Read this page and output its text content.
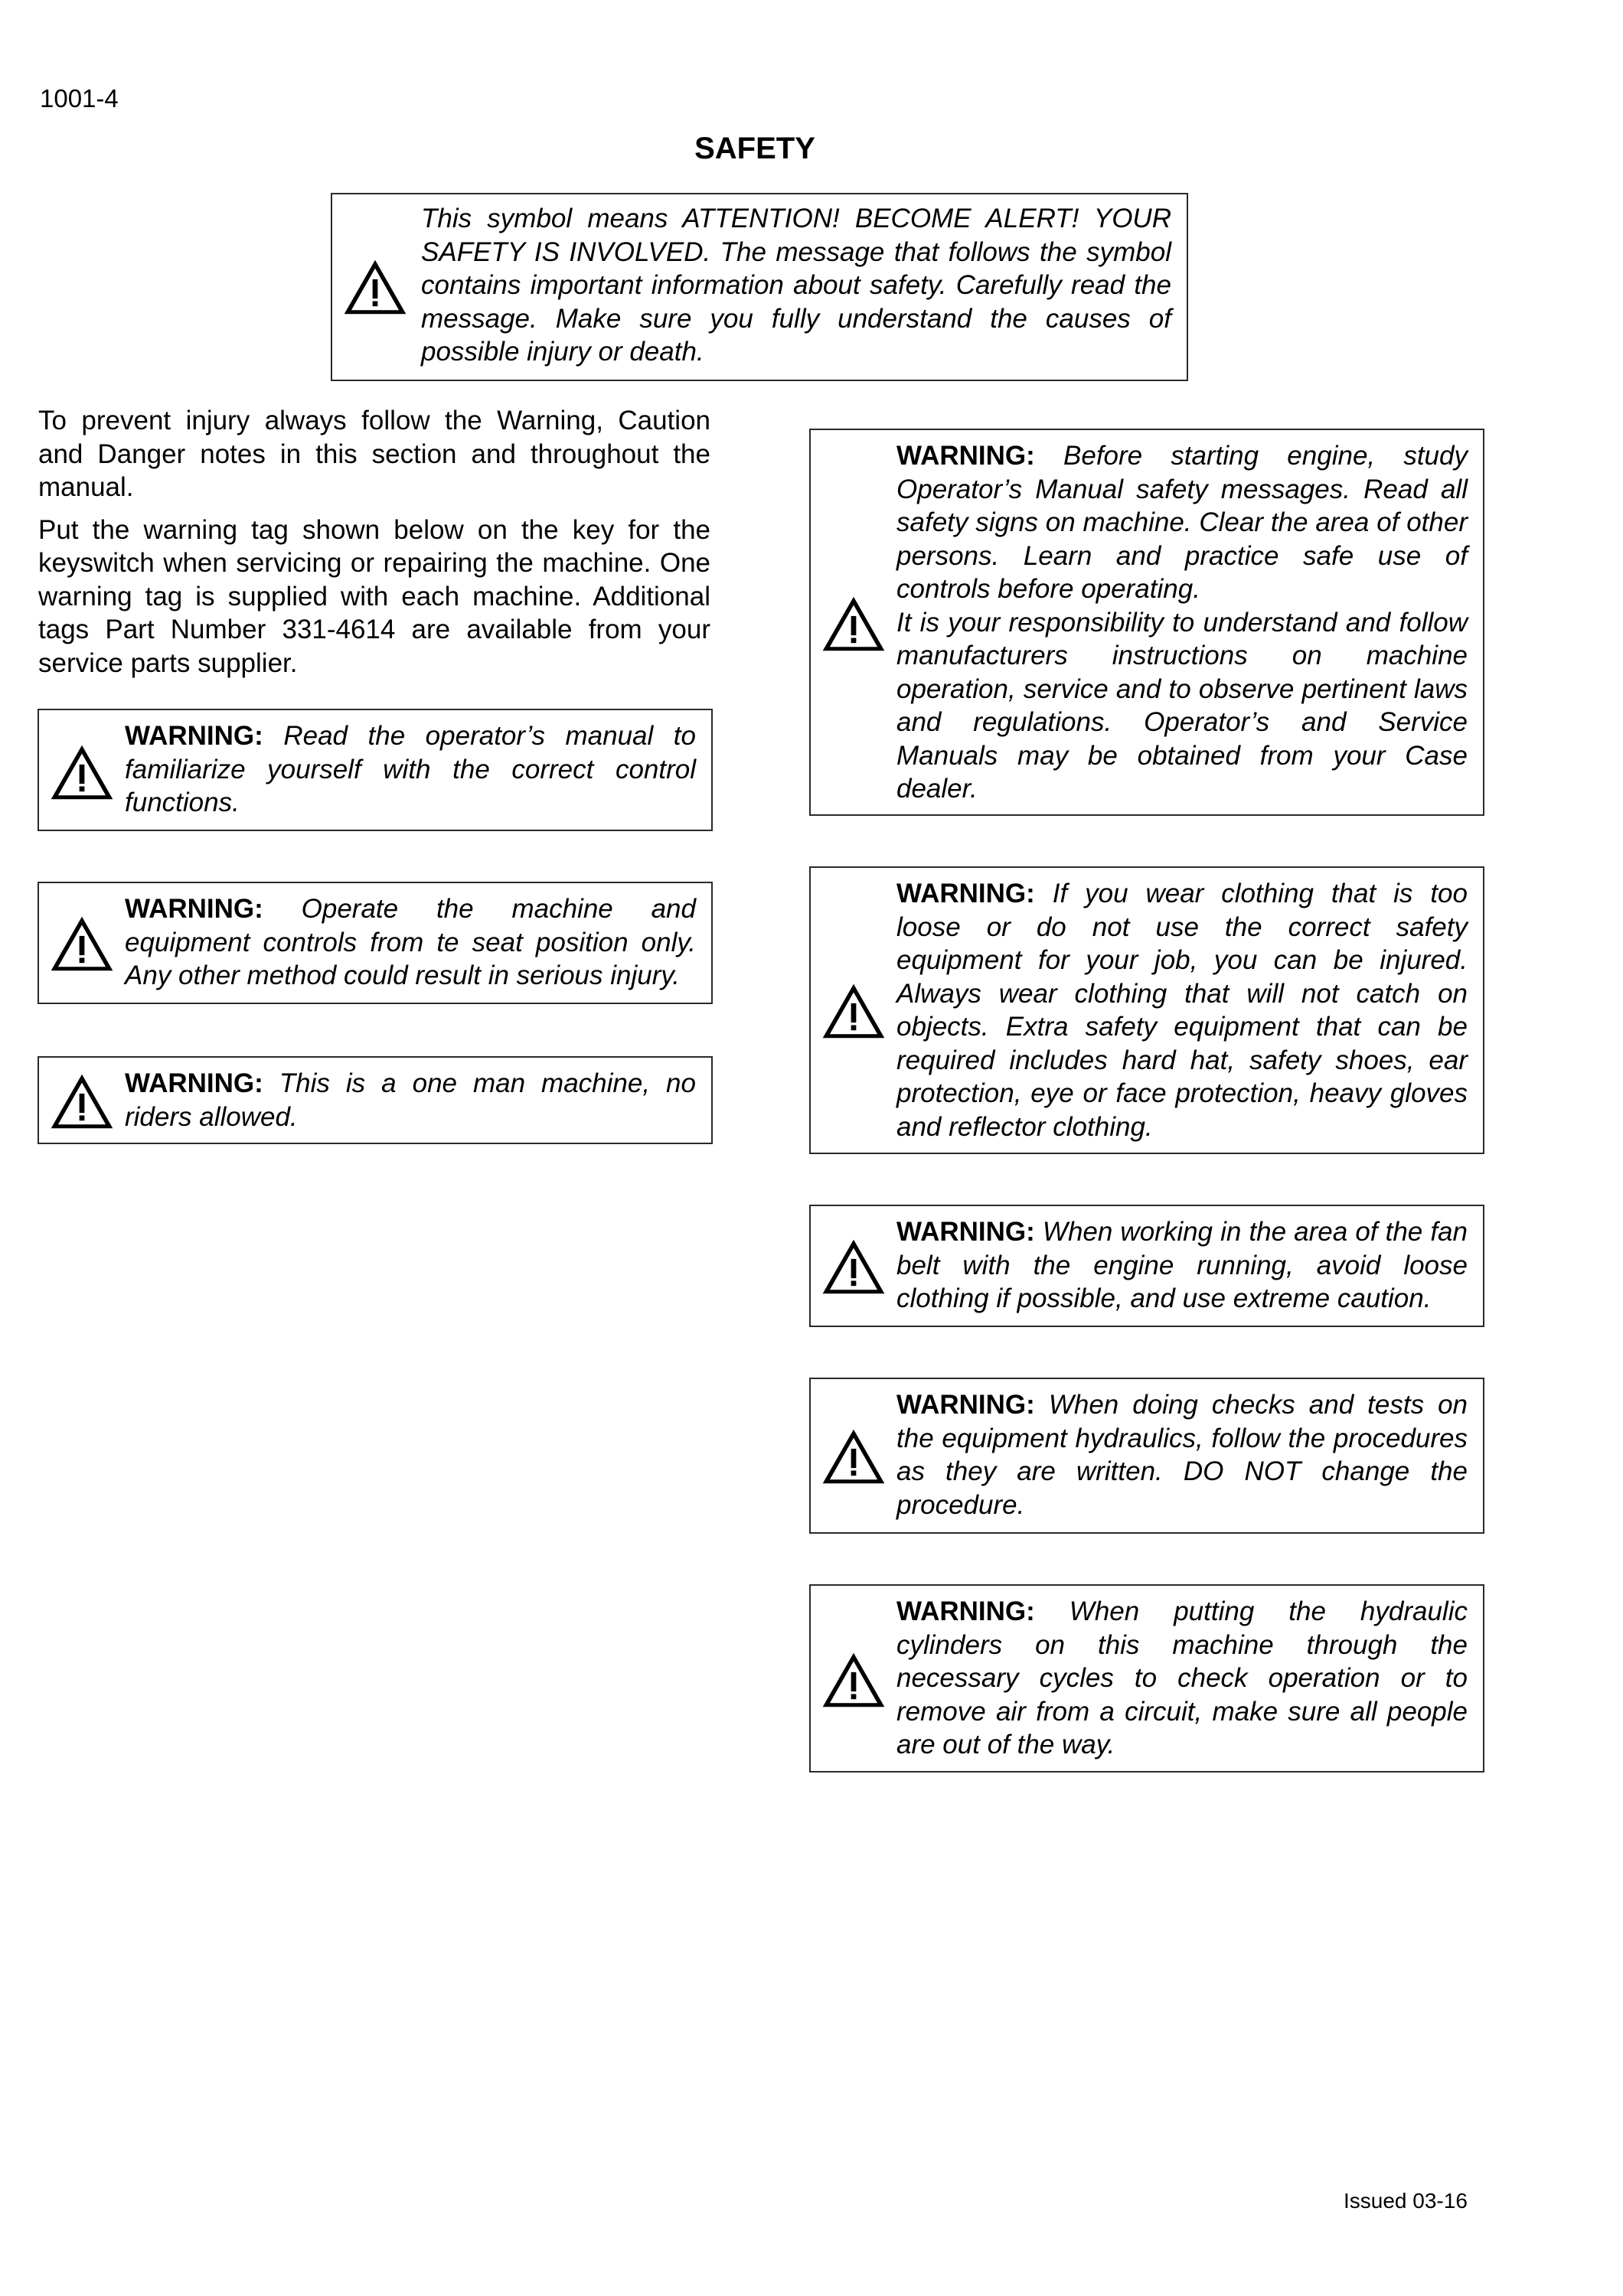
1001-4
SAFETY
This symbol means ATTENTION! BECOME ALERT! YOUR SAFETY IS INVOLVED. The message that follows the symbol contains important information about safety. Carefully read the message. Make sure you fully understand the causes of possible injury or death.

To prevent injury always follow the Warning, Caution and Danger notes in this section and throughout the manual.

Put the warning tag shown below on the key for the keyswitch when servicing or repairing the machine. One warning tag is supplied with each machine. Additional tags Part Number 331-4614 are available from your service parts supplier.

WARNING: Read the operator’s manual to familiarize yourself with the correct control functions.
WARNING: Operate the machine and equipment controls from te seat position only. Any other method could result in serious injury.
WARNING: This is a one man machine, no riders allowed.
WARNING: Before starting engine, study Operator’s Manual safety messages. Read all safety signs on machine. Clear the area of other persons. Learn and practice safe use of controls before operating.
It is your responsibility to understand and follow manufacturers instructions on machine operation, service and to observe pertinent laws and regulations. Operator’s and Service Manuals may be obtained from your Case dealer.
WARNING: If you wear clothing that is too loose or do not use the correct safety equipment for your job, you can be injured. Always wear clothing that will not catch on objects. Extra safety equipment that can be required includes hard hat, safety shoes, ear protection, eye or face protection, heavy gloves and reflector clothing.
WARNING: When working in the area of the fan belt with the engine running, avoid loose clothing if possible, and use extreme caution.
WARNING: When doing checks and tests on the equipment hydraulics, follow the procedures as they are written. DO NOT change the procedure.
WARNING: When putting the hydraulic cylinders on this machine through the necessary cycles to check operation or to remove air from a circuit, make sure all people are out of the way.
Issued 03-16
